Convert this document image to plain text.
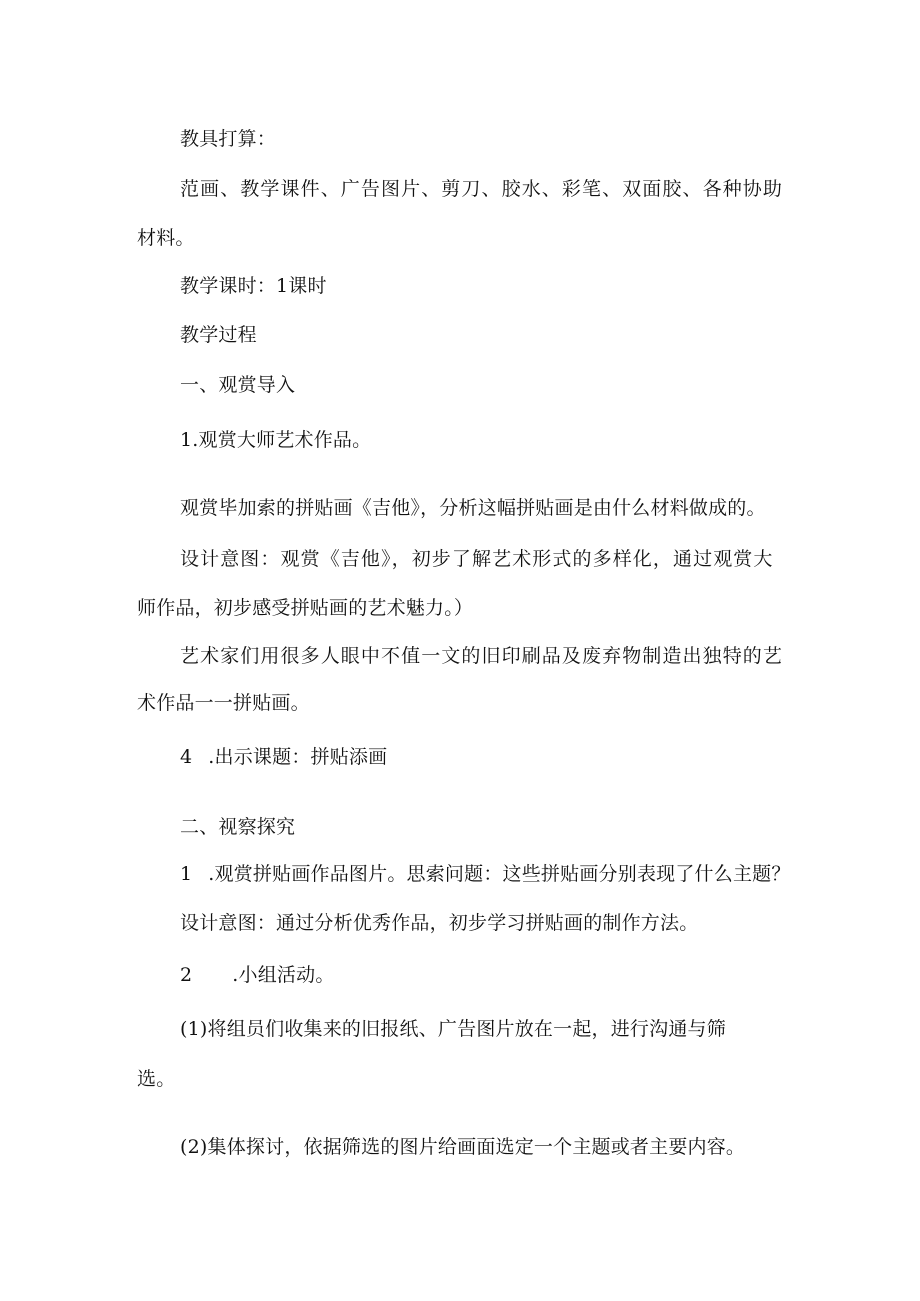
教具打算：
范画、教学课件、广告图片、剪刀、胶水、彩笔、双面胶、各种协助
材料。
教学课时：1课时
教学过程
一、观赏导入
1.观赏大师艺术作品。
观赏毕加索的拼贴画《吉他》，分析这幅拼贴画是由什么材料做成的。
设计意图：观赏《吉他》，初步了解艺术形式的多样化，通过观赏大
师作品，初步感受拼贴画的艺术魅力。）
艺术家们用很多人眼中不值一文的旧印刷品及废弃物制造出独特的艺
术作品一一拼贴画。
4 .出示课题：拼贴添画
二、视察探究
1 .观赏拼贴画作品图片。思索问题：这些拼贴画分别表现了什么主题？
设计意图：通过分析优秀作品，初步学习拼贴画的制作方法。
2 .小组活动。
(1)将组员们收集来的旧报纸、广告图片放在一起，进行沟通与筛
选。
(2)集体探讨，依据筛选的图片给画面选定一个主题或者主要内容。
